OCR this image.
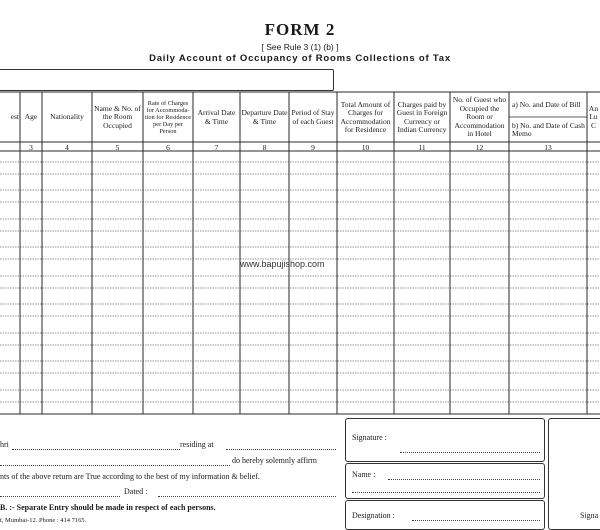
FORM 2
[ See Rule 3 (1) (b) ]
Daily Account of Occupancy of Rooms Collections of Tax
est Age
3
Nationality
4
Name & No. of the Room Occupied
5
Rate of Charges for Accommoda-tion for Residence per Day per Person
6
Arrival Date & Time
7
Departure Date & Time
8
Period of Stay of each Guest
9
Total Amount of Charges for Accommodation for Residence
10
Charges paid by Guest in Foreign Currency or Indian Currency
11
No. of Guest who Occupied the Room or Accommodation in Hotel
12
a) No. and Date of Bill
b) No. and Date of Cash Memo
13
An Lu C
www.bapujishop.com
hri	residing at
do hereby solemnly affirm
nts of the above return are True according to the best of my information & belief.
Dated :
B. :- Separate Entry should be made in respect of each persons.
t, Mumbai-12. Phone : 414 7165.
Signature :
Name :
Designation :	Signa
